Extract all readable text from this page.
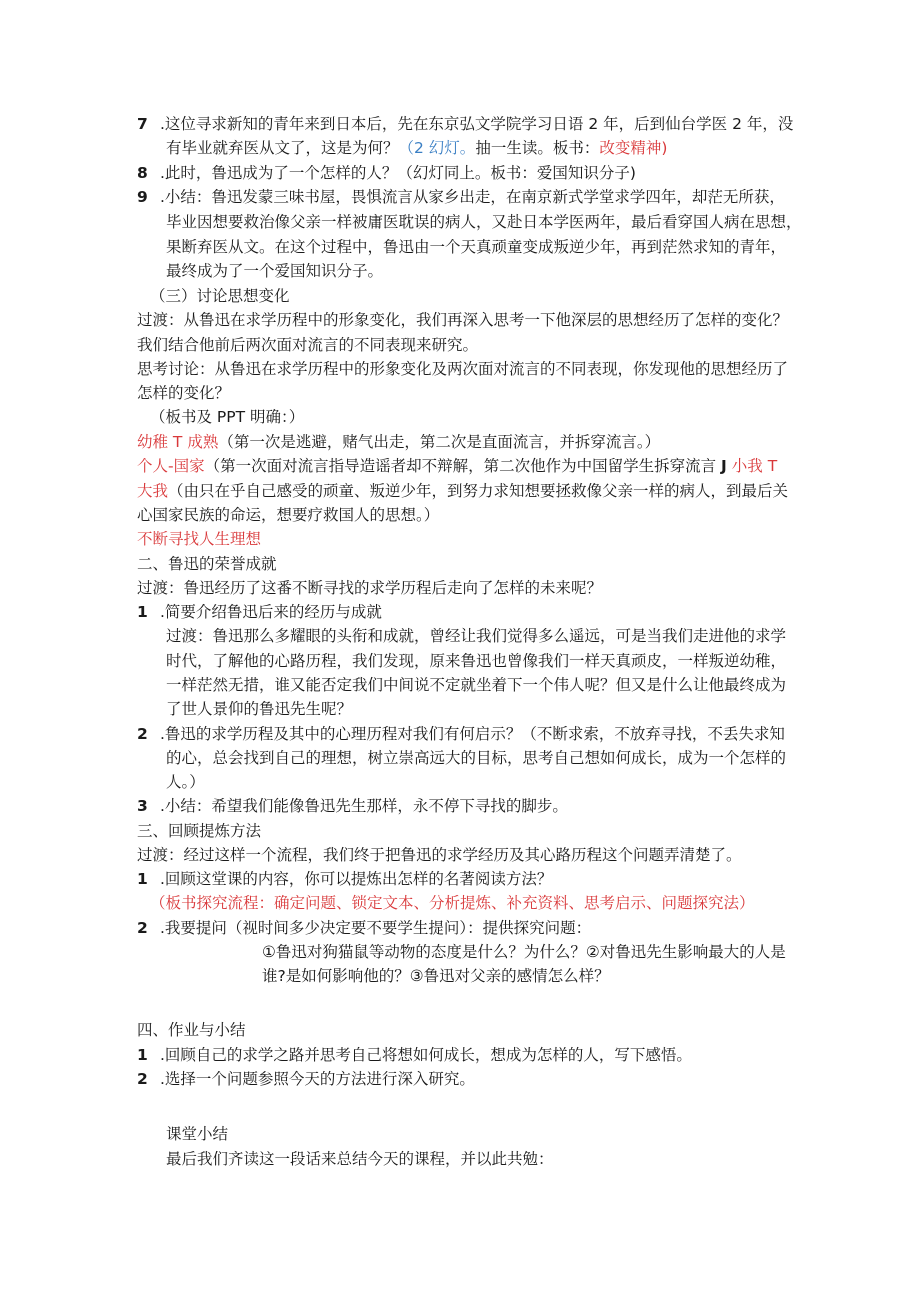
7 .这位寻求新知的青年来到日本后，先在东京弘文学院学习日语 2 年，后到仙台学医 2 年，没
有毕业就弃医从文了，这是为何？（2 幻灯。抽一生读。板书：改变精神)
8 .此时，鲁迅成为了一个怎样的人？（幻灯同上。板书：爱国知识分子)
9 .小结：鲁迅发蒙三味书屋，畏惧流言从家乡出走，在南京新式学堂求学四年，却茫无所获，
毕业因想要救治像父亲一样被庸医耽误的病人，又赴日本学医两年，最后看穿国人病在思想，
果断弃医从文。在这个过程中，鲁迅由一个天真顽童变成叛逆少年，再到茫然求知的青年，
最终成为了一个爱国知识分子。
（三）讨论思想变化
过渡：从鲁迅在求学历程中的形象变化，我们再深入思考一下他深层的思想经历了怎样的变化？
我们结合他前后两次面对流言的不同表现来研究。
思考讨论：从鲁迅在求学历程中的形象变化及两次面对流言的不同表现，你发现他的思想经历了
怎样的变化？
（板书及 PPT 明确：）
幼稚 T 成熟（第一次是逃避，赌气出走，第二次是直面流言，并拆穿流言。）
个人-国家（第一次面对流言指导造谣者却不辩解，第二次他作为中国留学生拆穿流言 J 小我 T
大我（由只在乎自己感受的顽童、叛逆少年，到努力求知想要拯救像父亲一样的病人，到最后关
心国家民族的命运，想要疗救国人的思想。）
不断寻找人生理想
二、鲁迅的荣誉成就
过渡：鲁迅经历了这番不断寻找的求学历程后走向了怎样的未来呢？
1 .简要介绍鲁迅后来的经历与成就
过渡：鲁迅那么多耀眼的头衔和成就，曾经让我们觉得多么遥远，可是当我们走进他的求学
时代，了解他的心路历程，我们发现，原来鲁迅也曾像我们一样天真顽皮，一样叛逆幼稚，
一样茫然无措，谁又能否定我们中间说不定就坐着下一个伟人呢？但又是什么让他最终成为
了世人景仰的鲁迅先生呢？
2 .鲁迅的求学历程及其中的心理历程对我们有何启示？（不断求索，不放弃寻找，不丢失求知
的心，总会找到自己的理想，树立崇高远大的目标，思考自己想如何成长，成为一个怎样的
人。）
3 .小结：希望我们能像鲁迅先生那样，永不停下寻找的脚步。
三、回顾提炼方法
过渡：经过这样一个流程，我们终于把鲁迅的求学经历及其心路历程这个问题弄清楚了。
1 .回顾这堂课的内容，你可以提炼出怎样的名著阅读方法？
（板书探究流程：确定问题、锁定文本、分析提炼、补充资料、思考启示、问题探究法）
2 .我要提问（视时间多少决定要不要学生提问）：提供探究问题：
①鲁迅对狗猫鼠等动物的态度是什么？为什么？②对鲁迅先生影响最大的人是
谁?是如何影响他的？③鲁迅对父亲的感情怎么样？
四、作业与小结
1 .回顾自己的求学之路并思考自己将想如何成长，想成为怎样的人，写下感悟。
2 .选择一个问题参照今天的方法进行深入研究。
课堂小结
最后我们齐读这一段话来总结今天的课程，并以此共勉：
